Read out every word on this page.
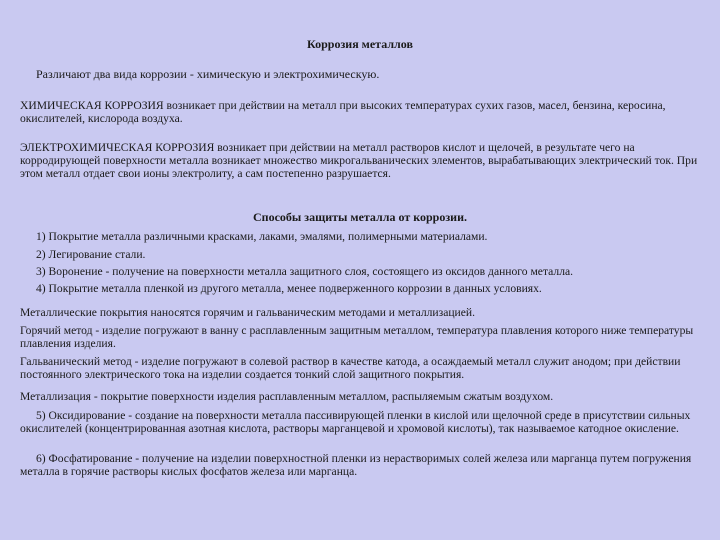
Коррозия металлов

Различают два вида коррозии - химическую и электрохимическую.

ХИМИЧЕСКАЯ КОРРОЗИЯ возникает при действии на металл при высоких температурах сухих газов, масел, бензина, керосина, окислителей, кислорода воздуха.

ЭЛЕКТРОХИМИЧЕСКАЯ КОРРОЗИЯ возникает при действии на металл растворов кислот и щелочей, в результате чего на корродирующей поверхности металла возникает множество микрогальванических элементов, вырабатывающих электрический ток. При этом металл отдает свои ионы электролиту, а сам постепенно разрушается.

Способы защиты металла от коррозии.

1) Покрытие металла различными красками, лаками, эмалями, полимерными материалами.

2) Легирование стали.

3) Воронение - получение на поверхности металла защитного слоя, состоящего из оксидов данного металла.

4) Покрытие металла пленкой из другого металла, менее подверженного коррозии в данных условиях.

Металлические покрытия наносятся горячим и гальваническим методами и металлизацией.

Горячий метод - изделие погружают в ванну с расплавленным защитным металлом, температура плавления которого ниже температуры плавления изделия.

Гальванический метод - изделие погружают в солевой раствор в качестве катода, а осаждаемый металл служит анодом; при действии постоянного электрического тока на изделии создается тонкий слой защитного покрытия.

Металлизация - покрытие поверхности изделия расплавленным металлом, распыляемым сжатым воздухом.

5) Оксидирование - создание на поверхности металла пассивирующей пленки в кислой или щелочной среде в присутствии сильных окислителей (концентрированная азотная кислота, растворы марганцевой и хромовой кислоты), так называемое катодное окисление.

6) Фосфатирование - получение на изделии поверхностной пленки из нерастворимых солей железа или марганца путем погружения металла в горячие растворы кислых фосфатов железа или марганца.
